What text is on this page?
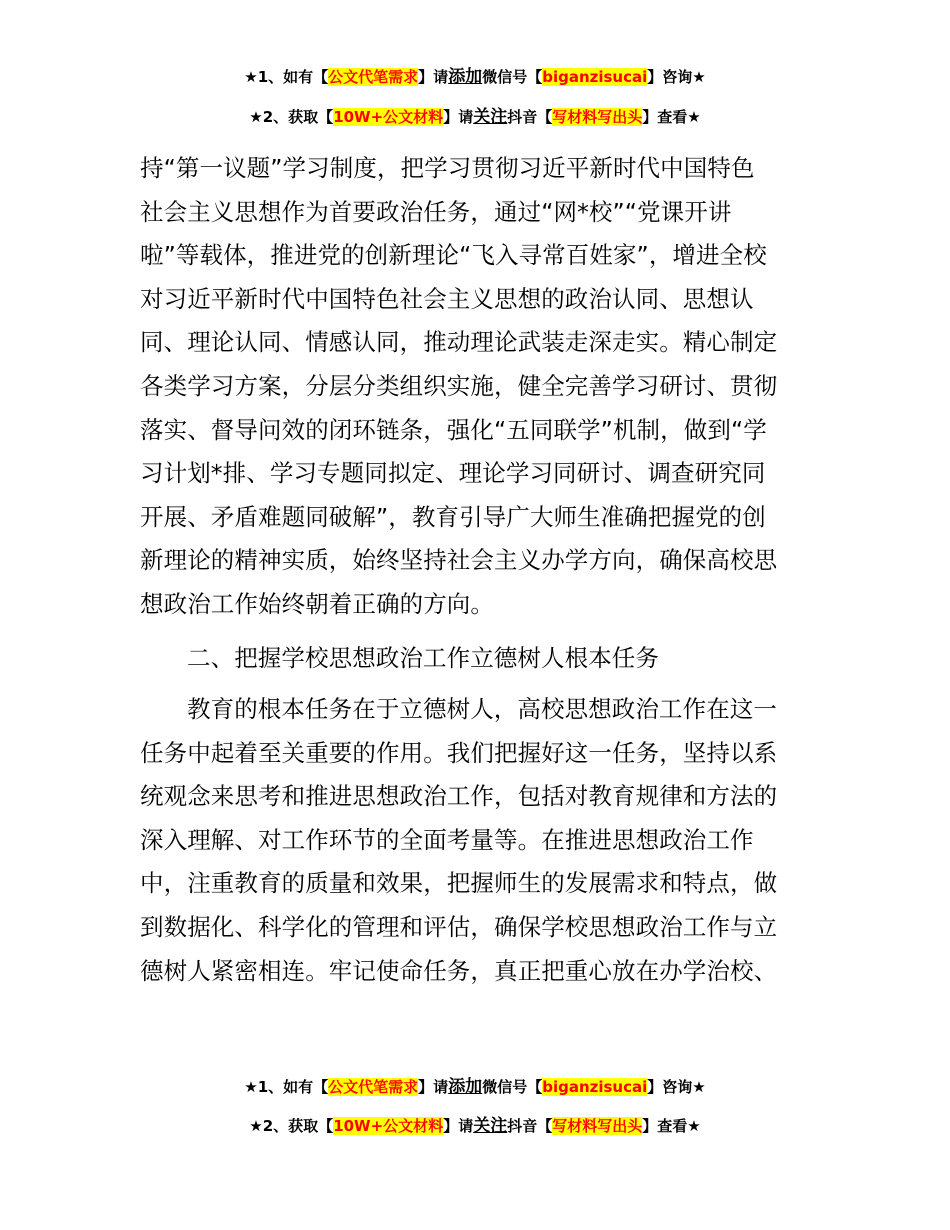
★1、如有【公文代笔需求】请添加微信号【biganzisucai】咨询★
★2、获取【10W+公文材料】请关注抖音【写材料写出头】查看★
持“第一议题”学习制度，把学习贯彻习近平新时代中国特色
社会主义思想作为首要政治任务，通过“网*校”“党课开讲
啦”等载体，推进党的创新理论“飞入寻常百姓家”，增进全校
对习近平新时代中国特色社会主义思想的政治认同、思想认
同、理论认同、情感认同，推动理论武装走深走实。精心制定
各类学习方案，分层分类组织实施，健全完善学习研讨、贯彻
落实、督导问效的闭环链条，强化“五同联学”机制，做到“学
习计划*排、学习专题同拟定、理论学习同研讨、调查研究同
开展、矛盾难题同破解”，教育引导广大师生准确把握党的创
新理论的精神实质，始终坚持社会主义办学方向，确保高校思
想政治工作始终朝着正确的方向。
二、把握学校思想政治工作立德树人根本任务
教育的根本任务在于立德树人，高校思想政治工作在这一
任务中起着至关重要的作用。我们把握好这一任务，坚持以系
统观念来思考和推进思想政治工作，包括对教育规律和方法的
深入理解、对工作环节的全面考量等。在推进思想政治工作
中，注重教育的质量和效果，把握师生的发展需求和特点，做
到数据化、科学化的管理和评估，确保学校思想政治工作与立
德树人紧密相连。牢记使命任务，真正把重心放在办学治校、
★1、如有【公文代笔需求】请添加微信号【biganzisucai】咨询★
★2、获取【10W+公文材料】请关注抖音【写材料写出头】查看★
